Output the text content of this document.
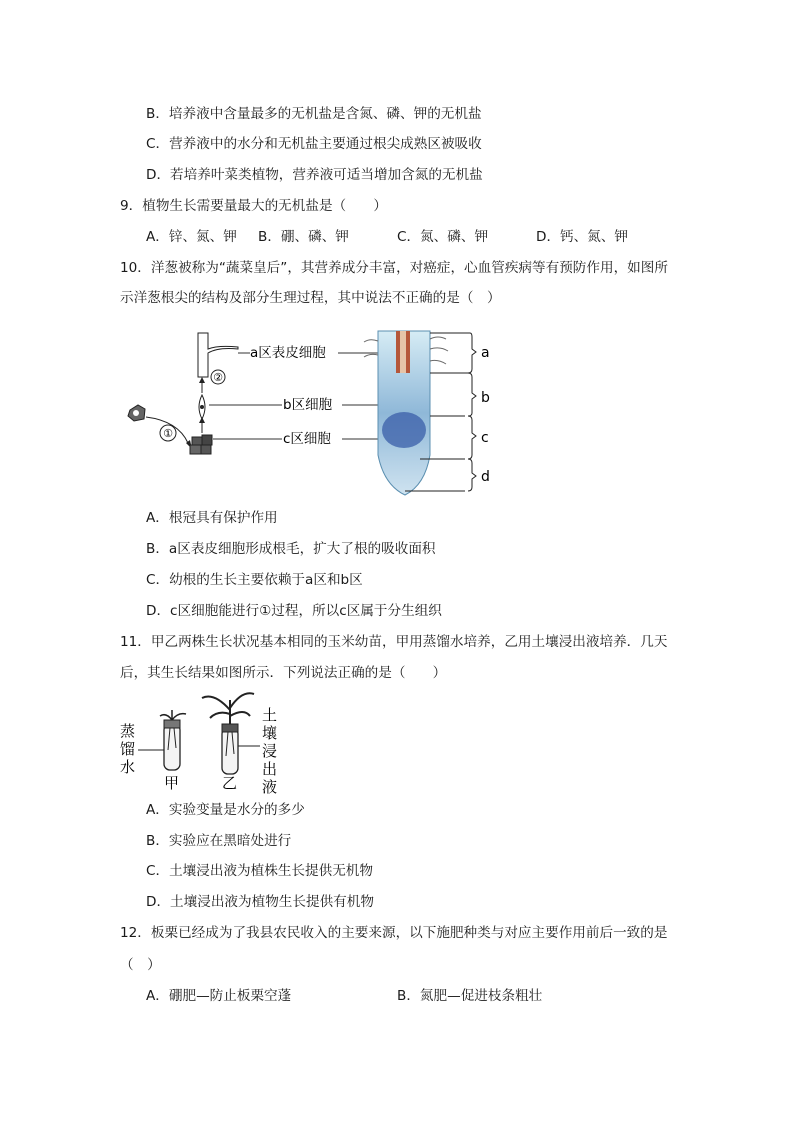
B．培养液中含量最多的无机盐是含氮、磷、钾的无机盐
C．营养液中的水分和无机盐主要通过根尖成熟区被吸收
D．若培养叶菜类植物，营养液可适当增加含氮的无机盐
9．植物生长需要量最大的无机盐是（　　）
A．锌、氮、钾 B．硼、磷、钾	C．氮、磷、钾	D．钙、氮、钾
10．洋葱被称为“蔬菜皇后”，其营养成分丰富，对癌症，心血管疾病等有预防作用，如图所
示洋葱根尖的结构及部分生理过程，其中说法不正确的是（　）
①	c区细胞
b区细胞
②
a区表皮细胞	a
b
c
d
A．根冠具有保护作用
B．a区表皮细胞形成根毛，扩大了根的吸收面积
C．幼根的生长主要依赖于a区和b区
D．c区细胞能进行①过程，所以c区属于分生组织
11．甲乙两株生长状况基本相同的玉米幼苗，甲用蒸馏水培养，乙用土壤浸出液培养．几天
后，其生长结果如图所示．下列说法正确的是（　　）
蒸
馏
水
甲	乙
土
壤
浸
出
液
A．实验变量是水分的多少
B．实验应在黑暗处进行
C．土壤浸出液为植株生长提供无机物
D．土壤浸出液为植物生长提供有机物
12．板栗已经成为了我县农民收入的主要来源，以下施肥种类与对应主要作用前后一致的是
（　）
A．硼肥—防止板栗空蓬	B．氮肥—促进枝条粗壮
